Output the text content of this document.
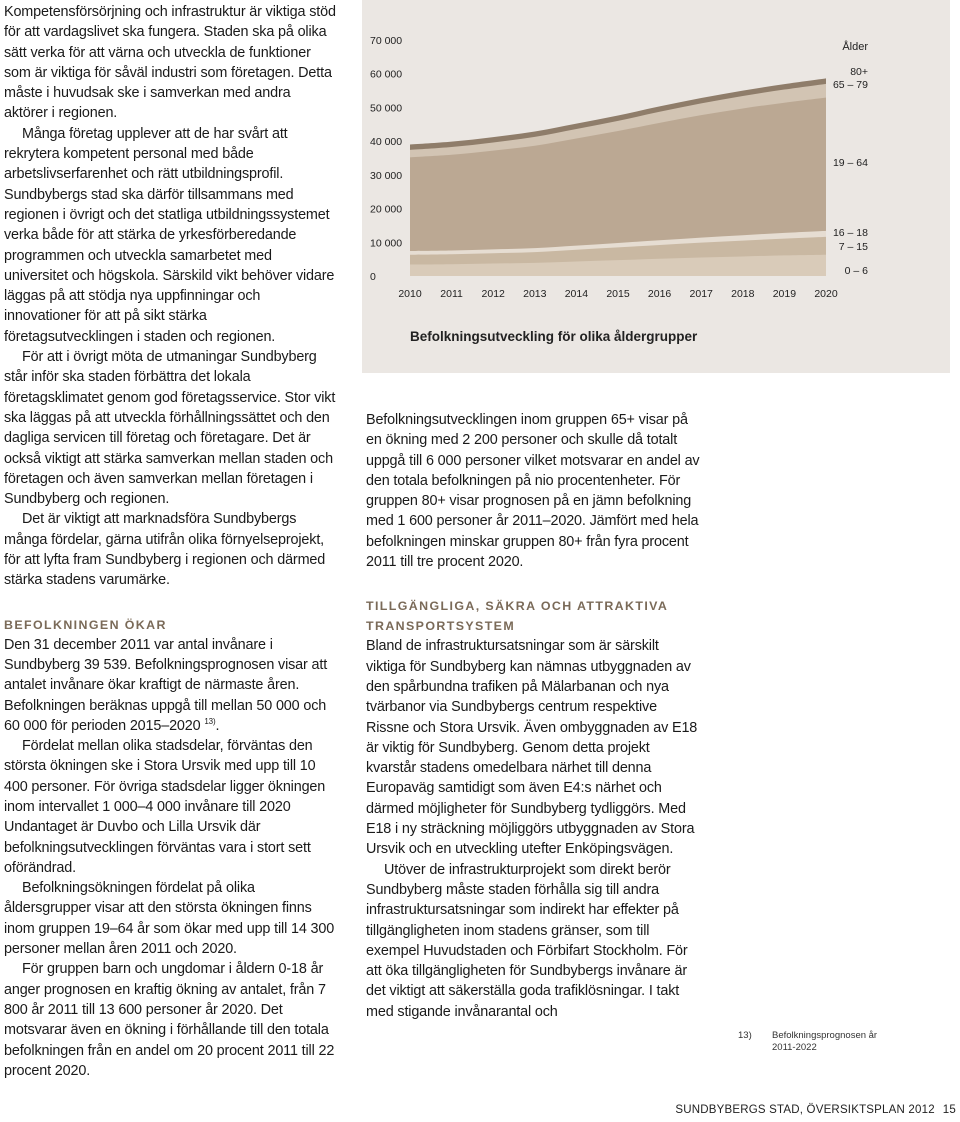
Kompetensförsörjning och infrastruktur är viktiga stöd för att vardagslivet ska fungera. Staden ska på olika sätt verka för att värna och utveckla de funktioner som är viktiga för såväl industri som företagen. Detta måste i huvudsak ske i samverkan med andra aktörer i regionen.

Många företag upplever att de har svårt att rekrytera kompetent personal med både arbetslivserfarenhet och rätt utbildningsprofil. Sundbybergs stad ska därför tillsammans med regionen i övrigt och det statliga utbildningssystemet verka både för att stärka de yrkesförberedande programmen och utveckla samarbetet med universitet och högskola. Särskild vikt behöver vidare läggas på att stödja nya uppfinningar och innovationer för att på sikt stärka företagsutvecklingen i staden och regionen.

För att i övrigt möta de utmaningar Sundbyberg står inför ska staden förbättra det lokala företagsklimatet genom god företagsservice. Stor vikt ska läggas på att utveckla förhållningssättet och den dagliga servicen till företag och företagare. Det är också viktigt att stärka samverkan mellan staden och företagen och även samverkan mellan företagen i Sundbyberg och regionen.

Det är viktigt att marknadsföra Sundbybergs många fördelar, gärna utifrån olika förnyelseprojekt, för att lyfta fram Sundbyberg i regionen och därmed stärka stadens varumärke.

BEFOLKNINGEN ÖKAR

Den 31 december 2011 var antal invånare i Sundbyberg 39 539. Befolkningsprognosen visar att antalet invånare ökar kraftigt de närmaste åren. Befolkningen beräknas uppgå till mellan 50 000 och 60 000 för perioden 2015–2020 $^{13)}$.

Fördelat mellan olika stadsdelar, förväntas den största ökningen ske i Stora Ursvik med upp till 10 400 personer. För övriga stadsdelar ligger ökningen inom intervallet 1 000–4 000 invånare till 2020 Undantaget är Duvbo och Lilla Ursvik där befolkningsutvecklingen förväntas vara i stort sett oförändrad.

Befolkningsökningen fördelat på olika åldersgrupper visar att den största ökningen finns inom gruppen 19–64 år som ökar med upp till 14 300 personer mellan åren 2011 och 2020.

För gruppen barn och ungdomar i åldern 0-18 år anger prognosen en kraftig ökning av antalet, från 7 800 år 2011 till 13 600 personer år 2020. Det motsvarar även en ökning i förhållande till den totala befolkningen från en andel om 20 procent 2011 till 22 procent 2020.

0
10 000
20 000
30 000
40 000
50 000
60 000
70 000
2010 2011 2012 2013 2014 2015 2016 2017 2018 2019 2020
Ålder
0 – 6
7 – 15
16 – 18
19 – 64
65 – 79
80+
Befolkningsutveckling för olika åldergrupper

Befolkningsutvecklingen inom gruppen 65+ visar på en ökning med 2 200 personer och skulle då totalt uppgå till 6 000 personer vilket motsvarar en andel av den totala befolkningen på nio procentenheter. För gruppen 80+ visar prognosen på en jämn befolkning med 1 600 personer år 2011–2020. Jämfört med hela befolkningen minskar gruppen 80+ från fyra procent 2011 till tre procent 2020.

TILLGÄNGLIGA, SÄKRA OCH ATTRAKTIVA TRANSPORTSYSTEM

Bland de infrastruktursatsningar som är särskilt viktiga för Sundbyberg kan nämnas utbyggnaden av den spårbundna trafiken på Mälarbanan och nya tvärbanor via Sundbybergs centrum respektive Rissne och Stora Ursvik. Även ombyggnaden av E18 är viktig för Sundbyberg. Genom detta projekt kvarstår stadens omedelbara närhet till denna Europaväg samtidigt som även E4:s närhet och därmed möjligheter för Sundbyberg tydliggörs. Med E18 i ny sträckning möjliggörs utbyggnaden av Stora Ursvik och en utveckling utefter Enköpingsvägen.

Utöver de infrastrukturprojekt som direkt berör Sundbyberg måste staden förhålla sig till andra infrastruktursatsningar som indirekt har effekter på tillgängligheten inom stadens gränser, som till exempel Huvudstaden och Förbifart Stockholm. För att öka tillgängligheten för Sundbybergs invånare är det viktigt att säkerställa goda trafiklösningar. I takt med stigande invånarantal och

13) Befolkningsprognosen år 2011-2022
SUNDBYBERGS STAD, ÖVERSIKTSPLAN 2012 15
